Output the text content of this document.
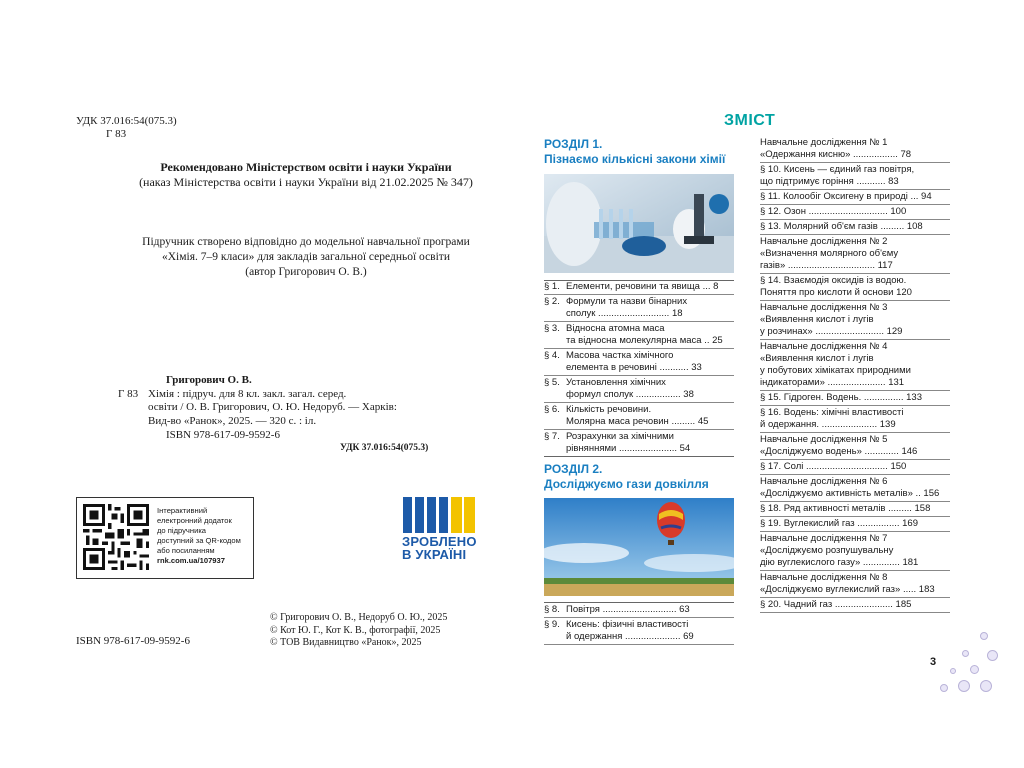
УДК 37.016:54(075.3)
Г 83
Рекомендовано Міністерством освіти і науки України
(наказ Міністерства освіти і науки України від 21.02.2025 № 347)
Підручник створено відповідно до модельної навчальної програми
«Хімія. 7–9 класи» для закладів загальної середньої освіти
(автор Григорович О. В.)
Григорович О. В.
Г 83 Хімія : підруч. для 8 кл. закл. загал. серед.
освіти / О. В. Григорович, О. Ю. Недоруб. — Харків:
Вид-во «Ранок», 2025. — 320 с. : іл.
ISBN 978-617-09-9592-6
УДК 37.016:54(075.3)
Інтерактивний
електронний додаток
до підручника
доступний за QR-кодом
або посиланням
rnk.com.ua/107937
ЗРОБЛЕНО
В УКРАЇНІ
© Григорович О. В., Недоруб О. Ю., 2025
© Кот Ю. Г., Кот К. В., фотографії, 2025
© ТОВ Видавництво «Ранок», 2025
ISBN 978-617-09-9592-6
ЗМІСТ
РОЗДІЛ 1.
Пізнаємо кількісні закони хімії
§ 1. Елементи, речовини та явища ... 8
§ 2. Формули та назви бінарних
сполук ........................... 18
§ 3. Відносна атомна маса
та відносна молекулярна маса .. 25
§ 4. Масова частка хімічного
елемента в речовині ........... 33
§ 5. Установлення хімічних
формул сполук ................. 38
§ 6. Кількість речовини.
Молярна маса речовин ......... 45
§ 7. Розрахунки за хімічними
рівняннями ...................... 54
РОЗДІЛ 2.
Досліджуємо гази довкілля
§ 8. Повітря ............................ 63
§ 9. Кисень: фізичні властивості
й одержання ..................... 69
Навчальне дослідження № 1
«Одержання кисню» ................. 78
§ 10. Кисень — єдиний газ повітря,
що підтримує горіння ........... 83
§ 11. Колообіг Оксигену в природі ... 94
§ 12. Озон .............................. 100
§ 13. Молярний об'єм газів ......... 108
Навчальне дослідження № 2
«Визначення молярного об'єму
газів» ................................. 117
§ 14. Взаємодія оксидів із водою.
Поняття про кислоти й основи 120
Навчальне дослідження № 3
«Виявлення кислот і лугів
у розчинах» .......................... 129
Навчальне дослідження № 4
«Виявлення кислот і лугів
у побутових хімікатах природними
індикаторами» ...................... 131
§ 15. Гідроген. Водень. ............... 133
§ 16. Водень: хімічні властивості
й одержання. ..................... 139
Навчальне дослідження № 5
«Досліджуємо водень» ............. 146
§ 17. Солі ............................... 150
Навчальне дослідження № 6
«Досліджуємо активність металів» .. 156
§ 18. Ряд активності металів ......... 158
§ 19. Вуглекислий газ ................ 169
Навчальне дослідження № 7
«Досліджуємо розпушувальну
дію вуглекислого газу» .............. 181
Навчальне дослідження № 8
«Досліджуємо вуглекислий газ» ..... 183
§ 20. Чадний газ ...................... 185
3
